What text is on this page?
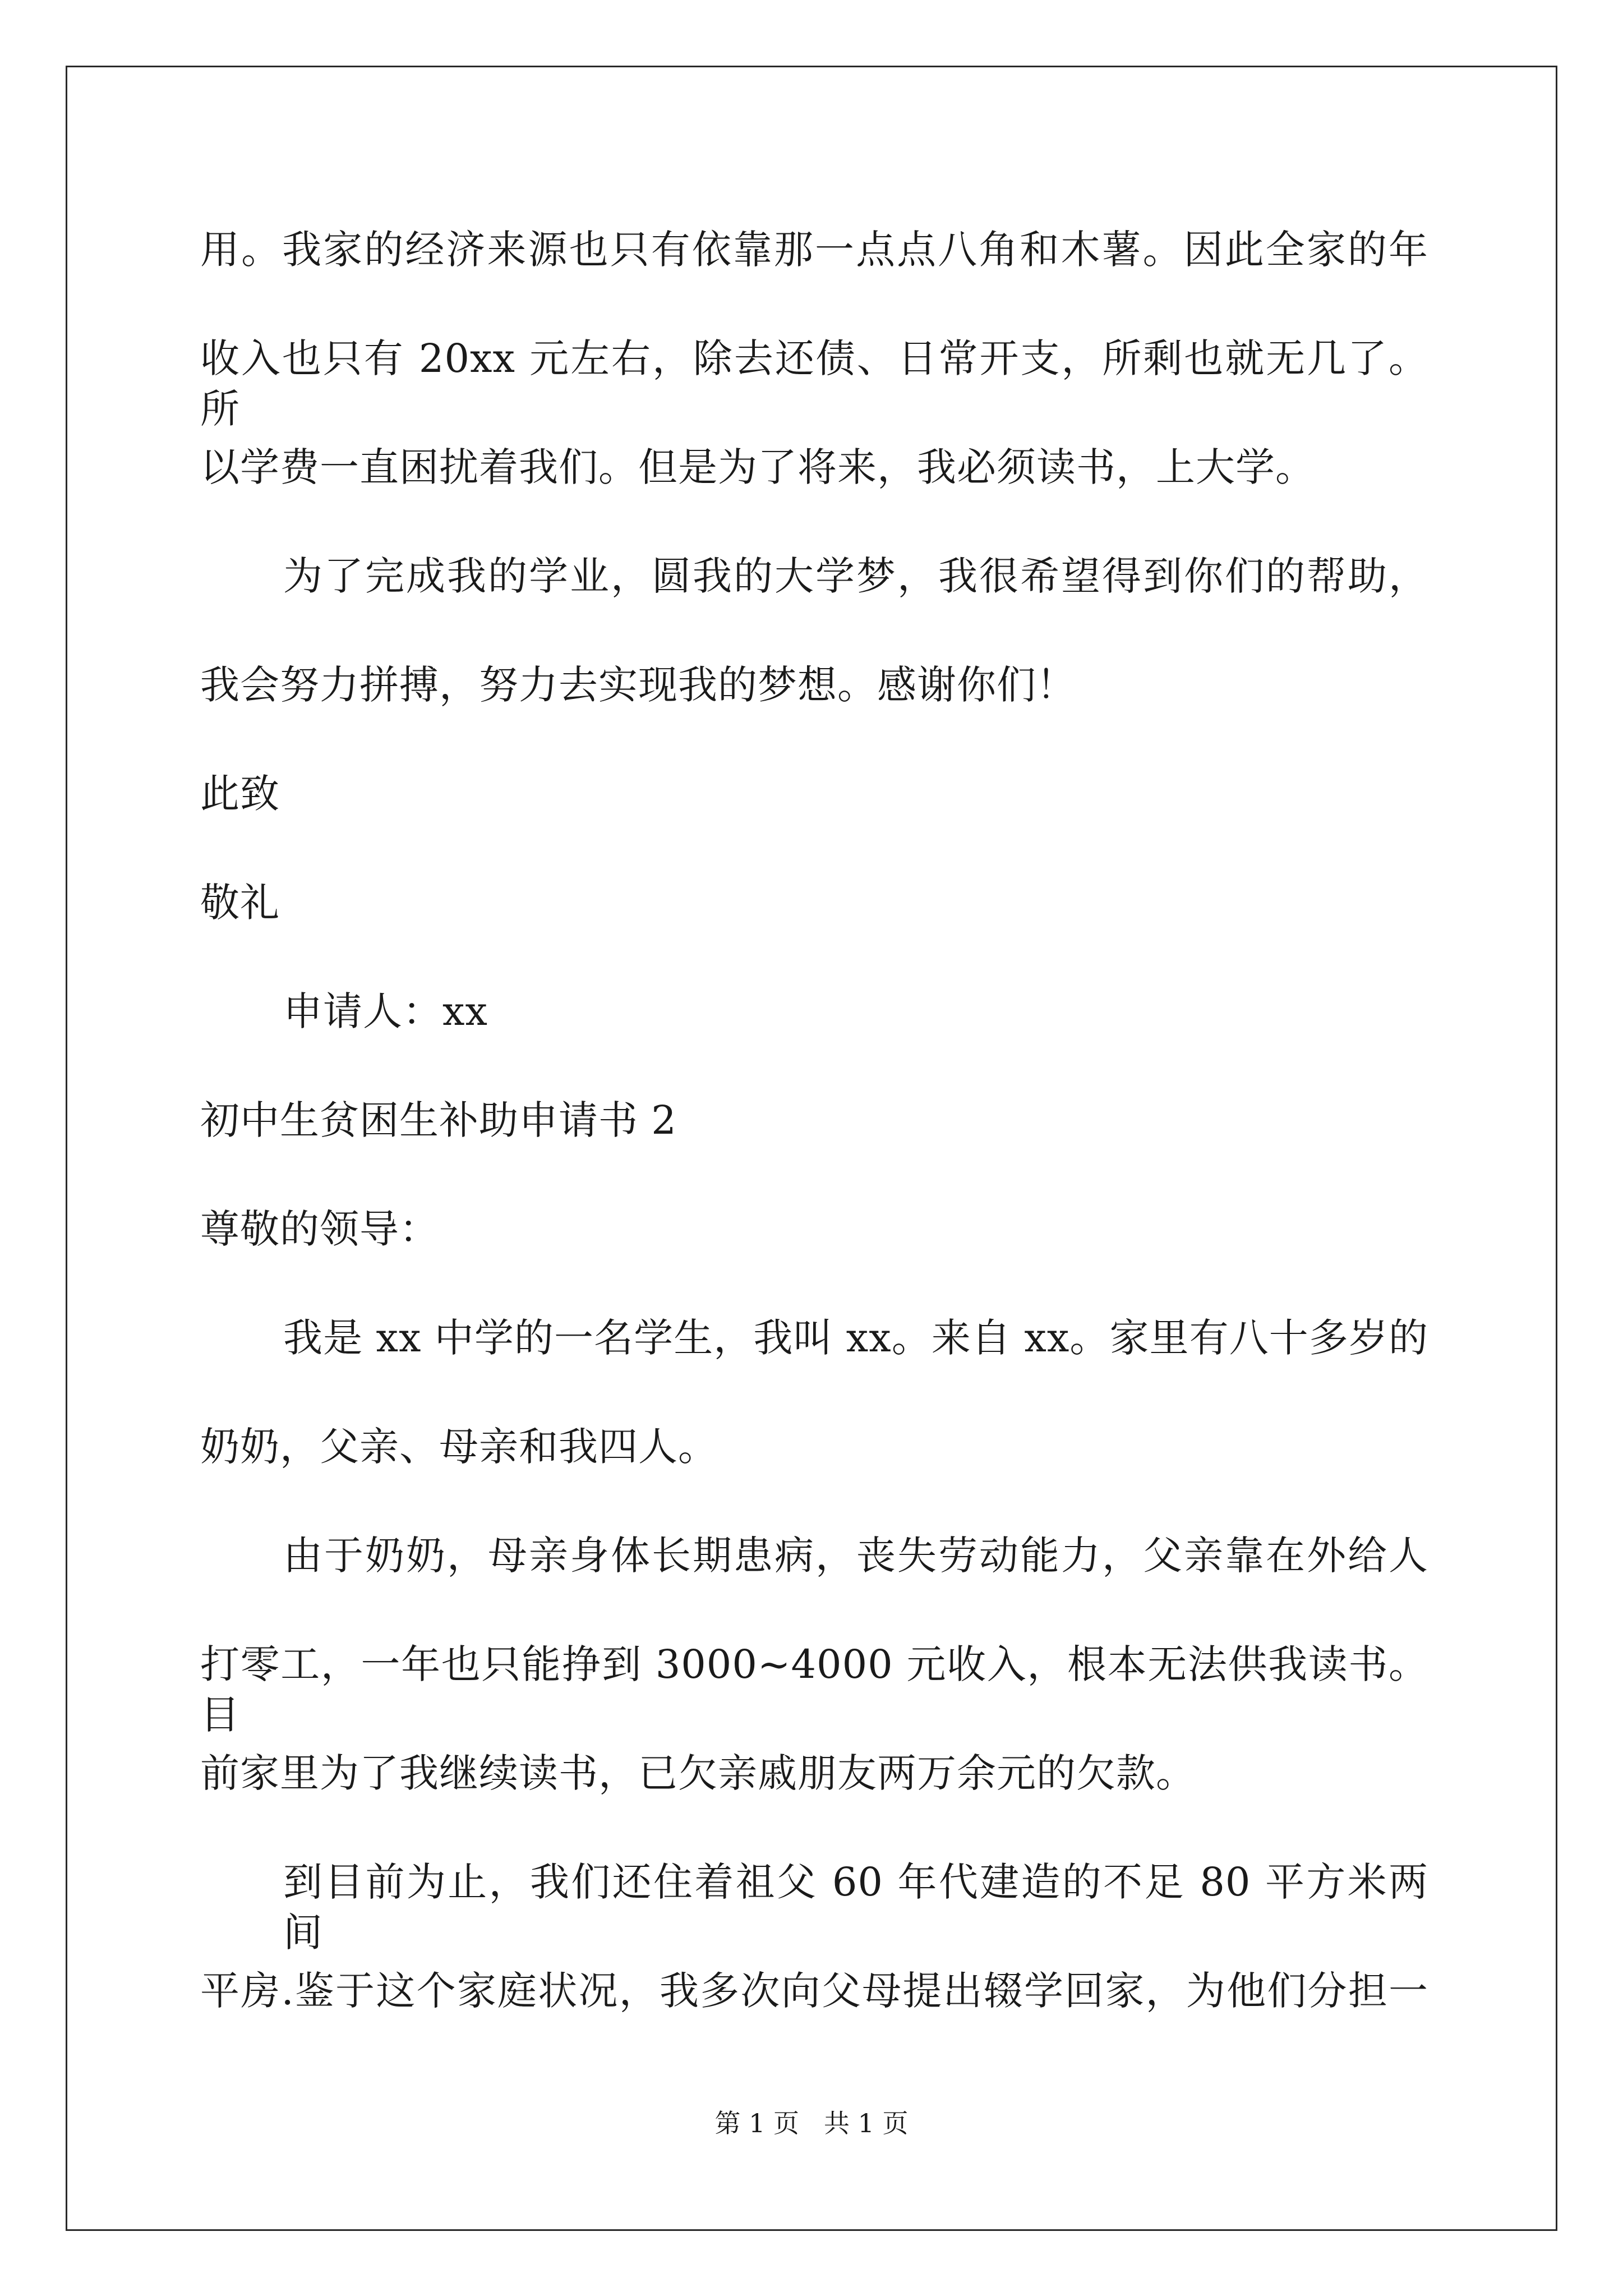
用。我家的经济来源也只有依靠那一点点八角和木薯。因此全家的年
收入也只有 20xx 元左右，除去还债、日常开支，所剩也就无几了。所
以学费一直困扰着我们。但是为了将来，我必须读书，上大学。
为了完成我的学业，圆我的大学梦，我很希望得到你们的帮助，
我会努力拼搏，努力去实现我的梦想。感谢你们！
此致
敬礼
申请人：xx
初中生贫困生补助申请书 2
尊敬的领导：
我是 xx 中学的一名学生，我叫 xx。来自 xx。家里有八十多岁的
奶奶，父亲、母亲和我四人。
由于奶奶，母亲身体长期患病，丧失劳动能力，父亲靠在外给人
打零工，一年也只能挣到 3000~4000 元收入，根本无法供我读书。目
前家里为了我继续读书，已欠亲戚朋友两万余元的欠款。
到目前为止，我们还住着祖父 60 年代建造的不足 80 平方米两间
平房.鉴于这个家庭状况，我多次向父母提出辍学回家，为他们分担一
第 1 页 共 1 页
